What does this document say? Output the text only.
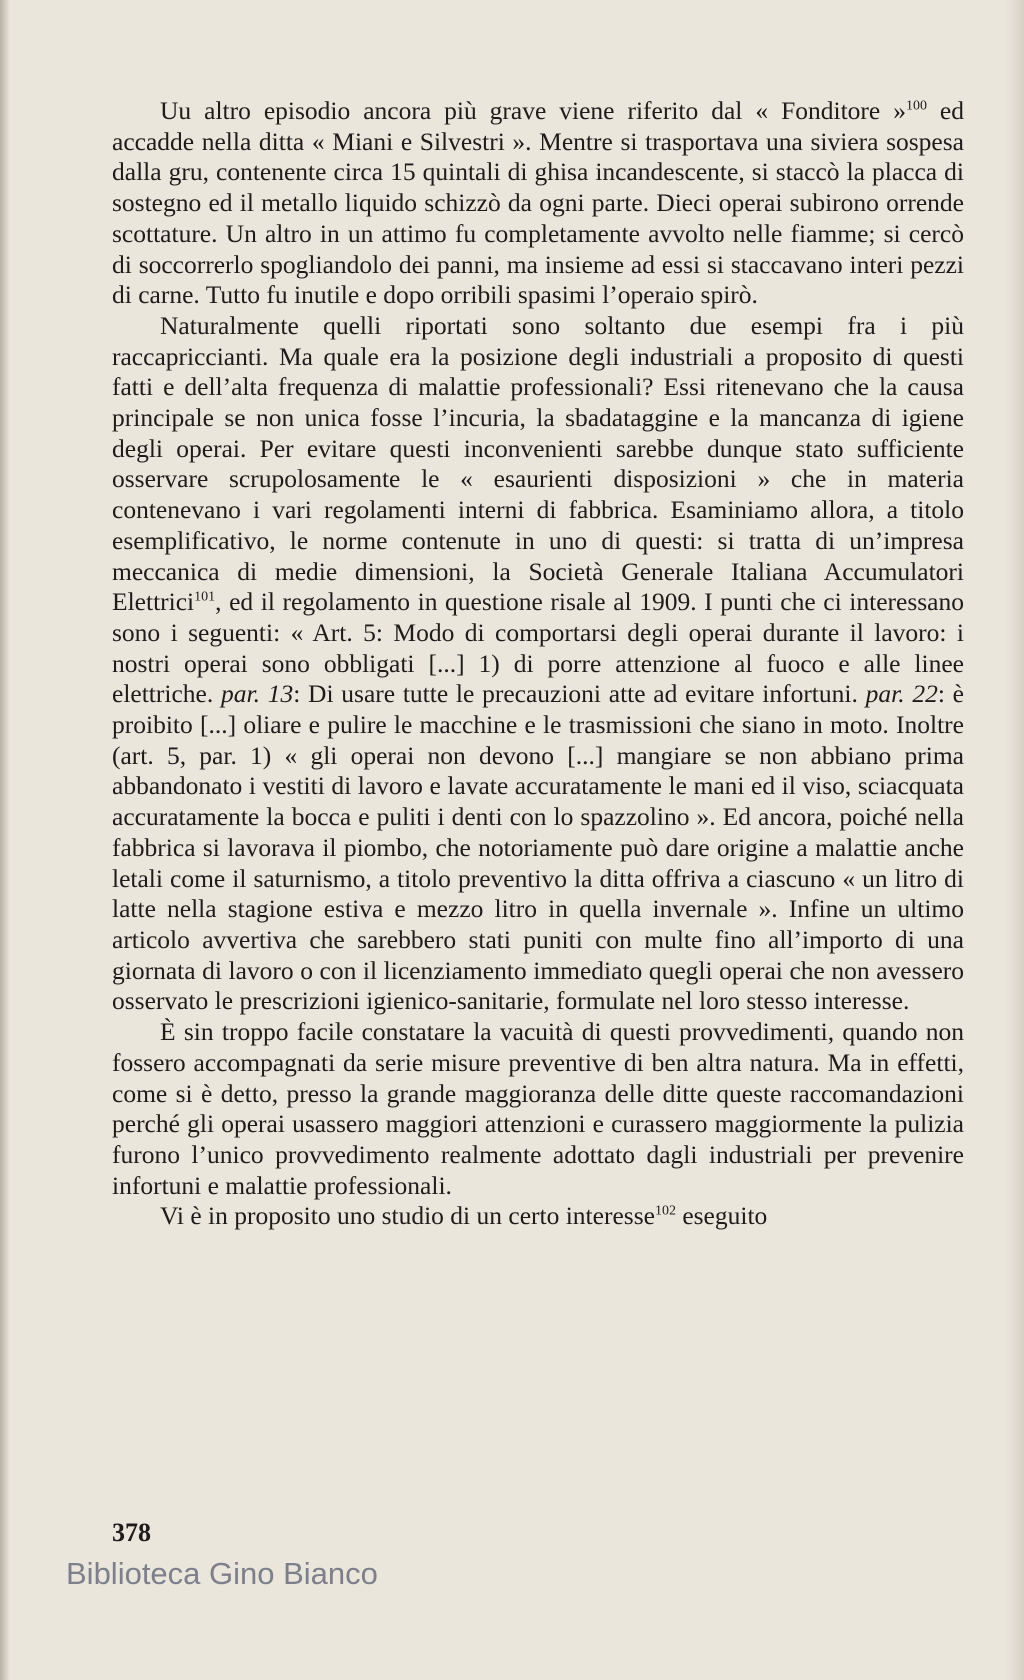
Uu altro episodio ancora più grave viene riferito dal « Fonditore »$^{100}$ ed accadde nella ditta « Miani e Silvestri ». Mentre si trasportava una siviera sospesa dalla gru, contenente circa 15 quintali di ghisa incandescente, si staccò la placca di sostegno ed il metallo liquido schizzò da ogni parte. Dieci operai subirono orrende scottature. Un altro in un attimo fu completamente avvolto nelle fiamme; si cercò di soccorrerlo spogliandolo dei panni, ma insieme ad essi si staccavano interi pezzi di carne. Tutto fu inutile e dopo orribili spasimi l’operaio spirò.

Naturalmente quelli riportati sono soltanto due esempi fra i più raccapriccianti. Ma quale era la posizione degli industriali a proposito di questi fatti e dell’alta frequenza di malattie professionali? Essi ritenevano che la causa principale se non unica fosse l’incuria, la sbadataggine e la mancanza di igiene degli operai. Per evitare questi inconvenienti sarebbe dunque stato sufficiente osservare scrupolosamente le « esaurienti disposizioni » che in materia contenevano i vari regolamenti interni di fabbrica. Esaminiamo allora, a titolo esemplificativo, le norme contenute in uno di questi: si tratta di un’impresa meccanica di medie dimensioni, la Società Generale Italiana Accumulatori Elettrici$^{101}$, ed il regolamento in questione risale al 1909. I punti che ci interessano sono i seguenti: « Art. 5: Modo di comportarsi degli operai durante il lavoro: i nostri operai sono obbligati [...] 1) di porre attenzione al fuoco e alle linee elettriche. par. 13: Di usare tutte le precauzioni atte ad evitare infortuni. par. 22: è proibito [...] oliare e pulire le macchine e le trasmissioni che siano in moto. Inoltre (art. 5, par. 1) « gli operai non devono [...] mangiare se non abbiano prima abbandonato i vestiti di lavoro e lavate accuratamente le mani ed il viso, sciacquata accuratamente la bocca e puliti i denti con lo spazzolino ». Ed ancora, poiché nella fabbrica si lavorava il piombo, che notoriamente può dare origine a malattie anche letali come il saturnismo, a titolo preventivo la ditta offriva a ciascuno « un litro di latte nella stagione estiva e mezzo litro in quella invernale ». Infine un ultimo articolo avvertiva che sarebbero stati puniti con multe fino all’importo di una giornata di lavoro o con il licenziamento immediato quegli operai che non avessero osservato le prescrizioni igienico-sanitarie, formulate nel loro stesso interesse.

È sin troppo facile constatare la vacuità di questi provvedimenti, quando non fossero accompagnati da serie misure preventive di ben altra natura. Ma in effetti, come si è detto, presso la grande maggioranza delle ditte queste raccomandazioni perché gli operai usassero maggiori attenzioni e curassero maggiormente la pulizia furono l’unico provvedimento realmente adottato dagli industriali per prevenire infortuni e malattie professionali.

Vi è in proposito uno studio di un certo interesse$^{102}$ eseguito

378
Biblioteca Gino Bianco
